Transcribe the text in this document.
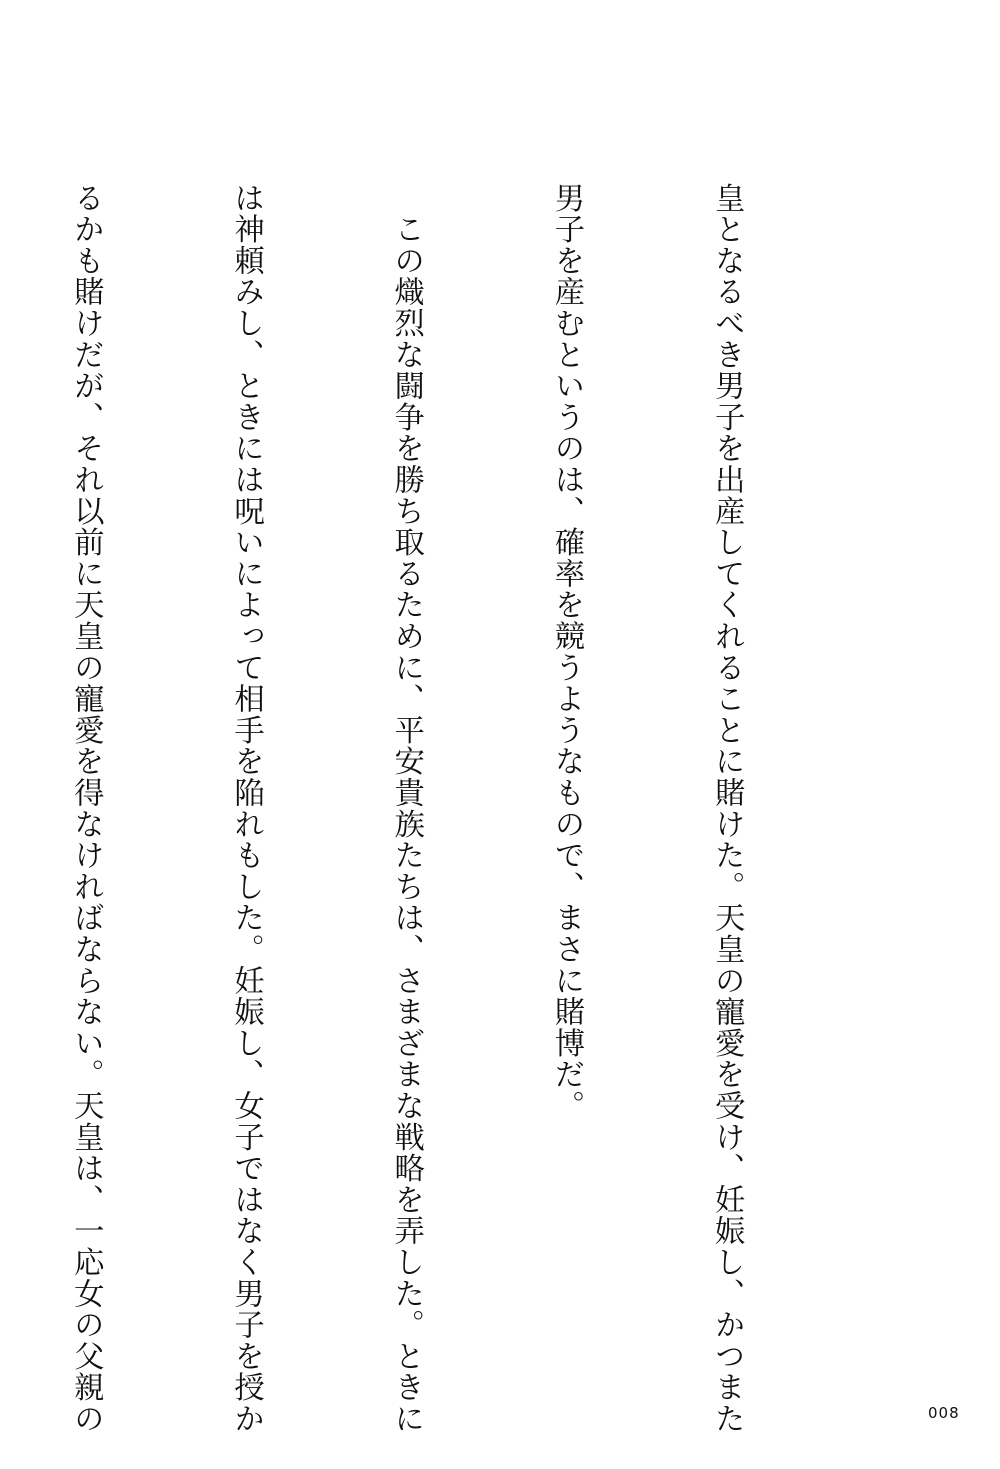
皇となるべき男子を出産してくれることに賭けた。天皇の寵愛を受け、妊娠し、かつまた

男子を産むというのは、確率を競うようなもので、まさに賭博だ。

　この熾烈な闘争を勝ち取るために、平安貴族たちは、さまざまな戦略を弄した。ときに

は神頼みし、ときには呪いによって相手を陥れもした。妊娠し、女子ではなく男子を授か

るかも賭けだが、それ以前に天皇の寵愛を得なければならない。天皇は、一応女の父親の

	008
